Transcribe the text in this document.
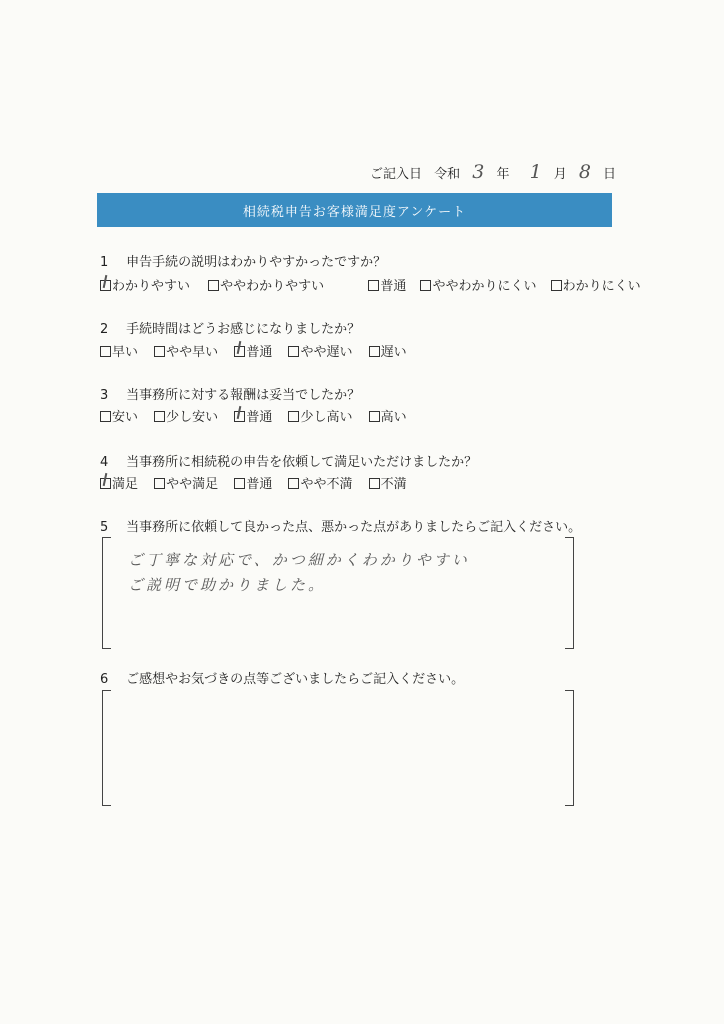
ご記入日 令和 3 年 1 月 8 日
相続税申告お客様満足度アンケート
1 申告手続の説明はわかりやすかったですか？
わかりやすい ややわかりやすい	普通 ややわかりにくい わかりにくい
2 手続時間はどうお感じになりましたか？
早い やや早い 普通 やや遅い 遅い
3 当事務所に対する報酬は妥当でしたか？
安い 少し安い 普通 少し高い 高い
4 当事務所に相続税の申告を依頼して満足いただけましたか？
満足 やや満足 普通 やや不満 不満
5 当事務所に依頼して良かった点、悪かった点がありましたらご記入ください。
ご丁寧な対応で、かつ細かくわかりやすい
ご説明で助かりました。
6 ご感想やお気づきの点等ございましたらご記入ください。
